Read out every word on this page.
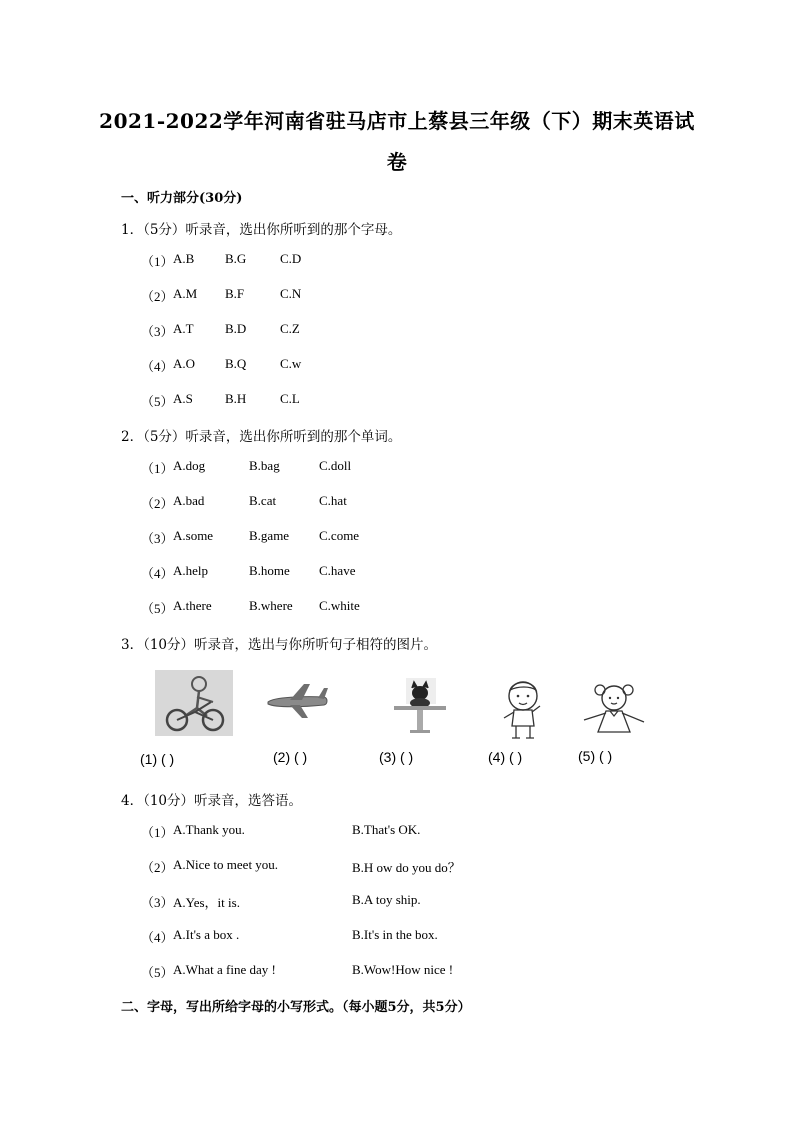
2021-2022学年河南省驻马店市上蔡县三年级（下）期末英语试
卷
一、听力部分(30分)
1．（5分）听录音，选出你所听到的那个字母。
（1） A.B B.G	C.D
（2） A.M B.F	C.N
（3） A.T B.D	C.Z
（4） A.O B.Q	C.w
（5） A.S B.H	C.L
2．（5分）听录音，选出你所听到的那个单词。
（1） A.dog	B.bag	C.doll
（2） A.bad	B.cat	C.hat
（3） A.some	B.game C.come
（4） A.help	B.home C.have
（5） A.there	B.where C.white
3．（10分）听录音，选出与你所听句子相符的图片。
(1) ( )	(2) ( )	(3) ( )	(4) ( )	(5) ( )
4．（10分）听录音，选答语。
（1） A.Thank you.	B.That's OK.
（2） A.Nice to meet you.	B.H ow do you do？
（3） A.Yes，it is.	B.A toy ship.
（4） A.It's a box .	B.It's in the box.
（5） A.What a fine day !	B.Wow!How nice !
二、字母，写出所给字母的小写形式。（每小题5分，共5分）
